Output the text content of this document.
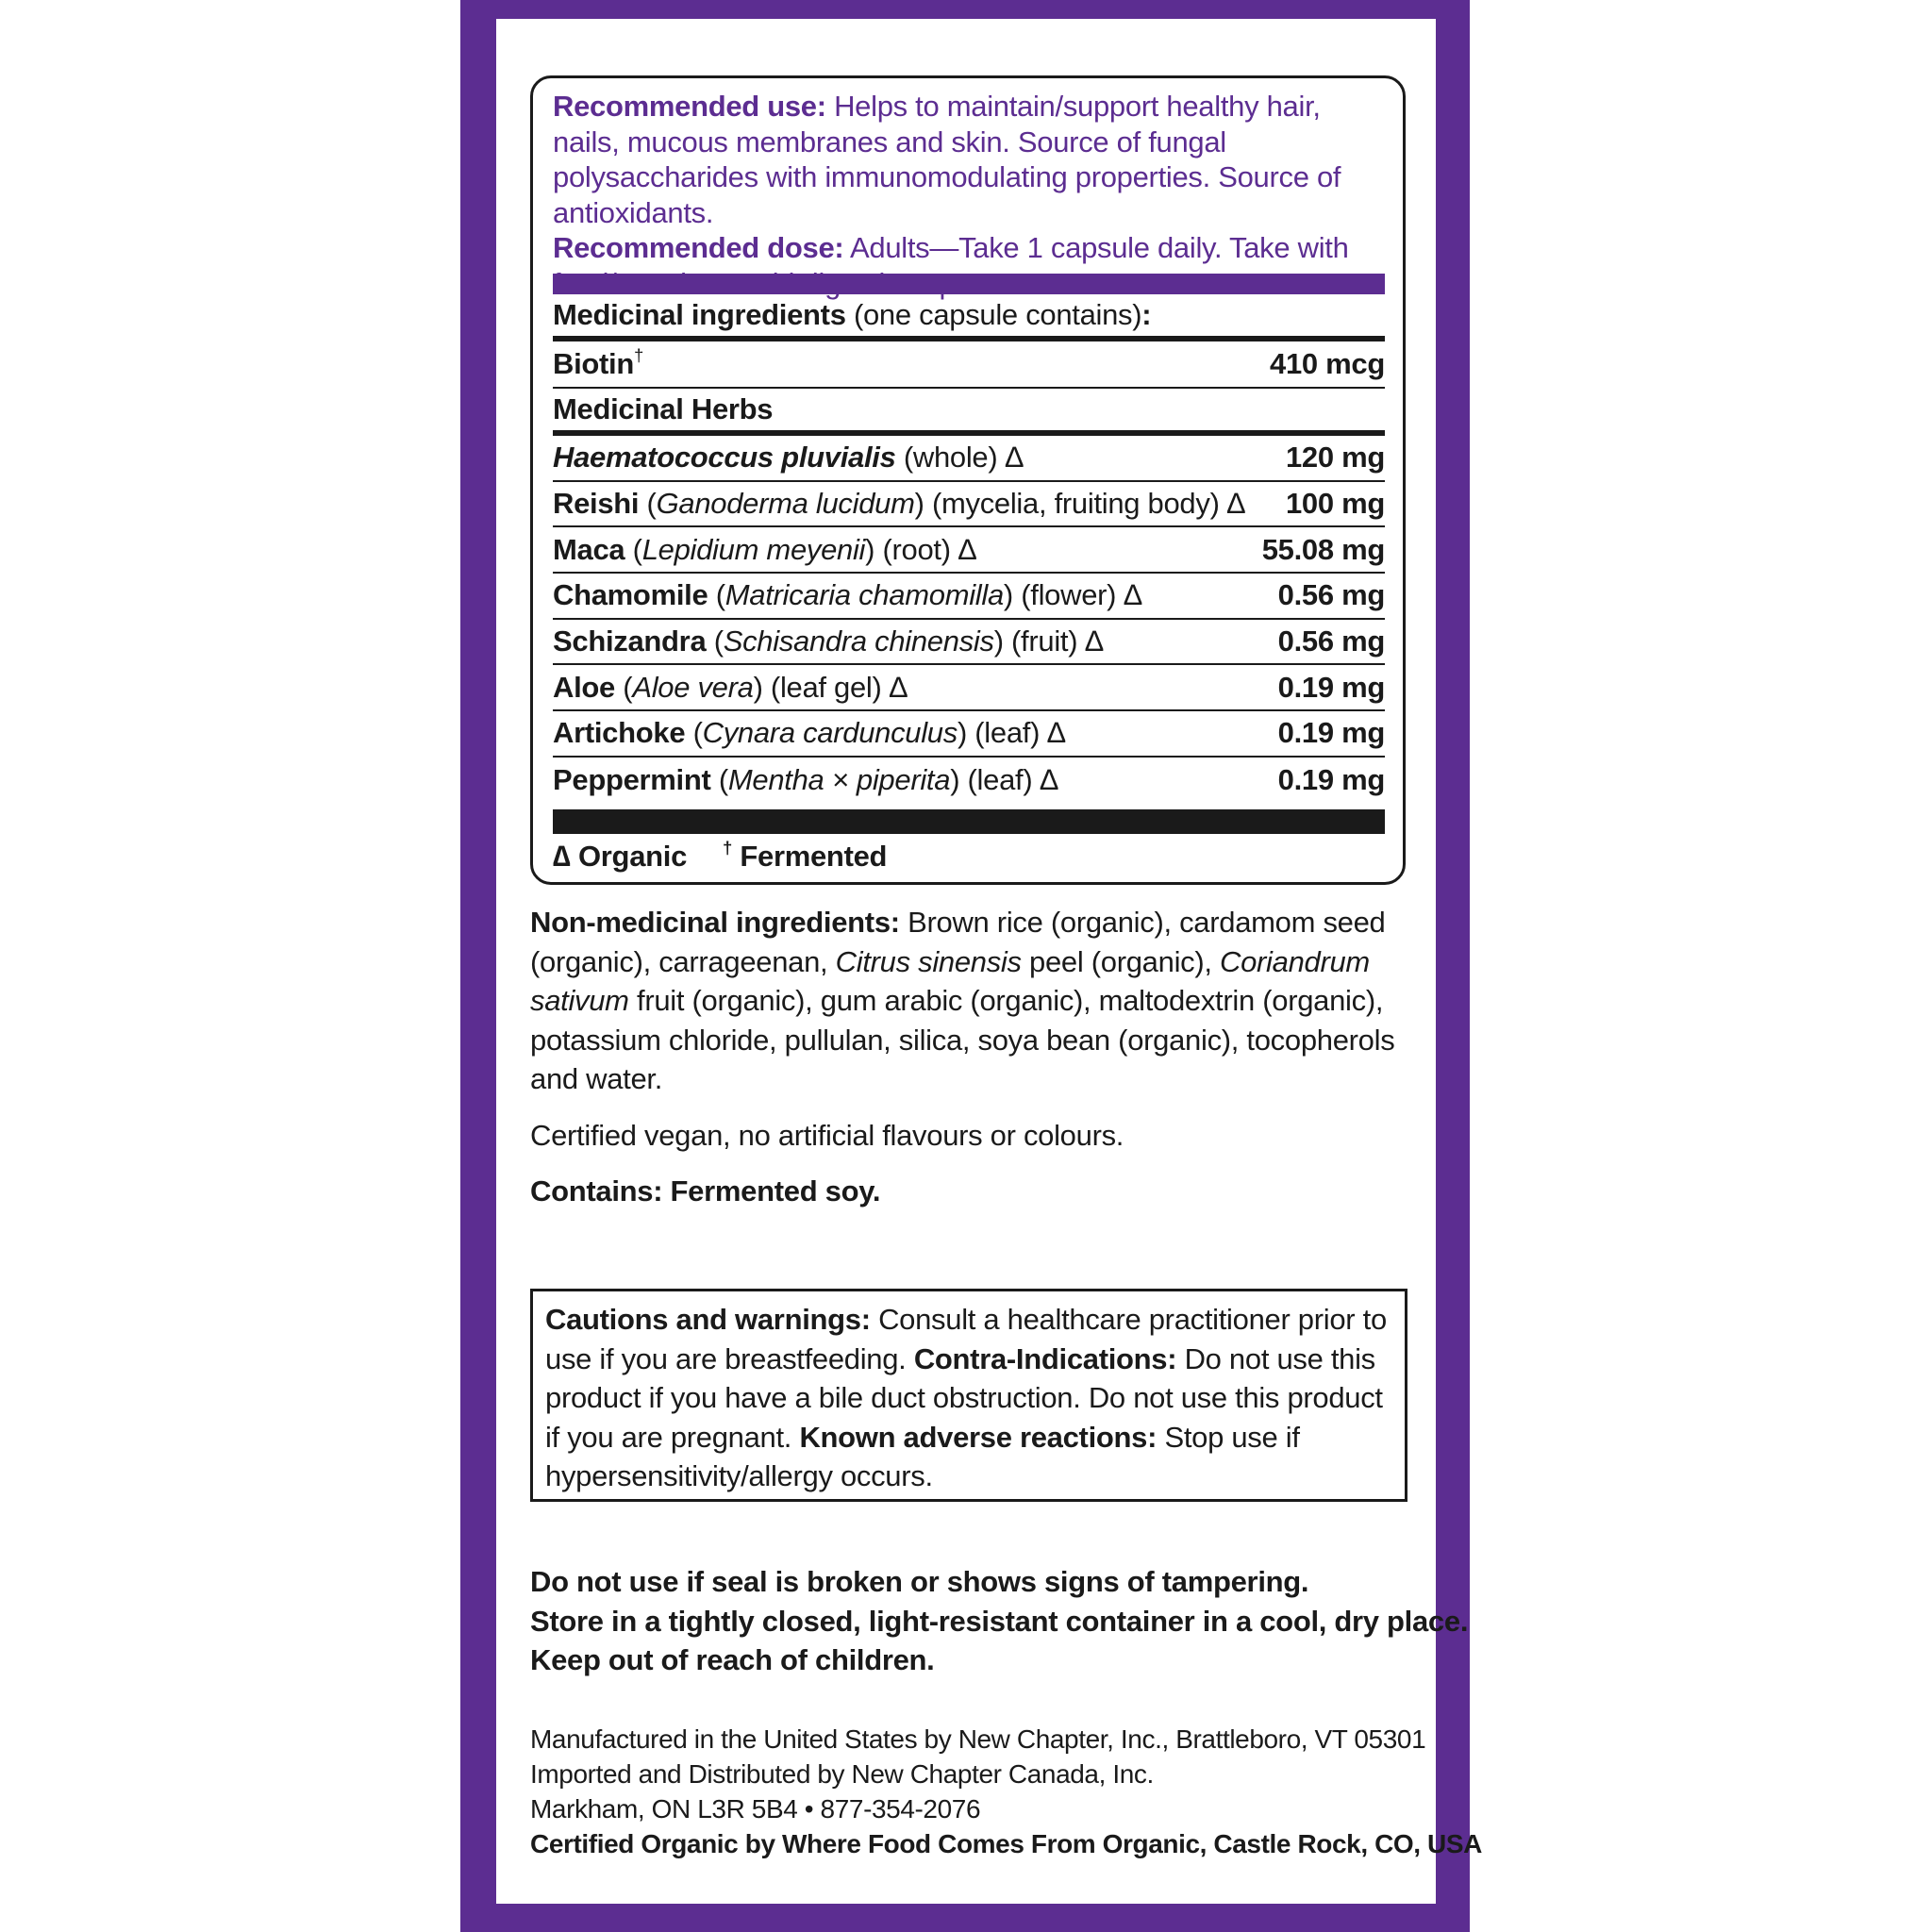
Recommended use: Helps to maintain/support healthy hair, nails, mucous membranes and skin. Source of fungal polysaccharides with immunomodulating properties. Source of antioxidants.
Recommended dose: Adults—Take 1 capsule daily. Take with
Medicinal ingredients (one capsule contains):
Biotin†	410 mcg
Medicinal Herbs
Haematococcus pluvialis (whole) ∆	120 mg
Reishi (Ganoderma lucidum) (mycelia, fruiting body) ∆ 100 mg
Maca (Lepidium meyenii) (root) ∆	55.08 mg
Chamomile (Matricaria chamomilla) (flower) ∆	0.56 mg
Schizandra (Schisandra chinensis) (fruit) ∆	0.56 mg
Aloe (Aloe vera) (leaf gel) ∆	0.19 mg
Artichoke (Cynara cardunculus) (leaf) ∆	0.19 mg
Peppermint (Mentha × piperita) (leaf) ∆	0.19 mg
∆ Organic † Fermented
Non-medicinal ingredients: Brown rice (organic), cardamom seed (organic), carrageenan, Citrus sinensis peel (organic), Coriandrum sativum fruit (organic), gum arabic (organic), maltodextrin (organic), potassium chloride, pullulan, silica, soya bean (organic), tocopherols and water.
Certified vegan, no artificial flavours or colours.
Contains: Fermented soy.
Cautions and warnings: Consult a healthcare practitioner prior to use if you are breastfeeding. Contra-Indications: Do not use this product if you have a bile duct obstruction. Do not use this product if you are pregnant. Known adverse reactions: Stop use if hypersensitivity/allergy occurs.
Do not use if seal is broken or shows signs of tampering.
Store in a tightly closed, light-resistant container in a cool, dry place.
Keep out of reach of children.
Manufactured in the United States by New Chapter, Inc., Brattleboro, VT 05301
Imported and Distributed by New Chapter Canada, Inc.
Markham, ON L3R 5B4 • 877-354-2076
Certified Organic by Where Food Comes From Organic, Castle Rock, CO, USA
